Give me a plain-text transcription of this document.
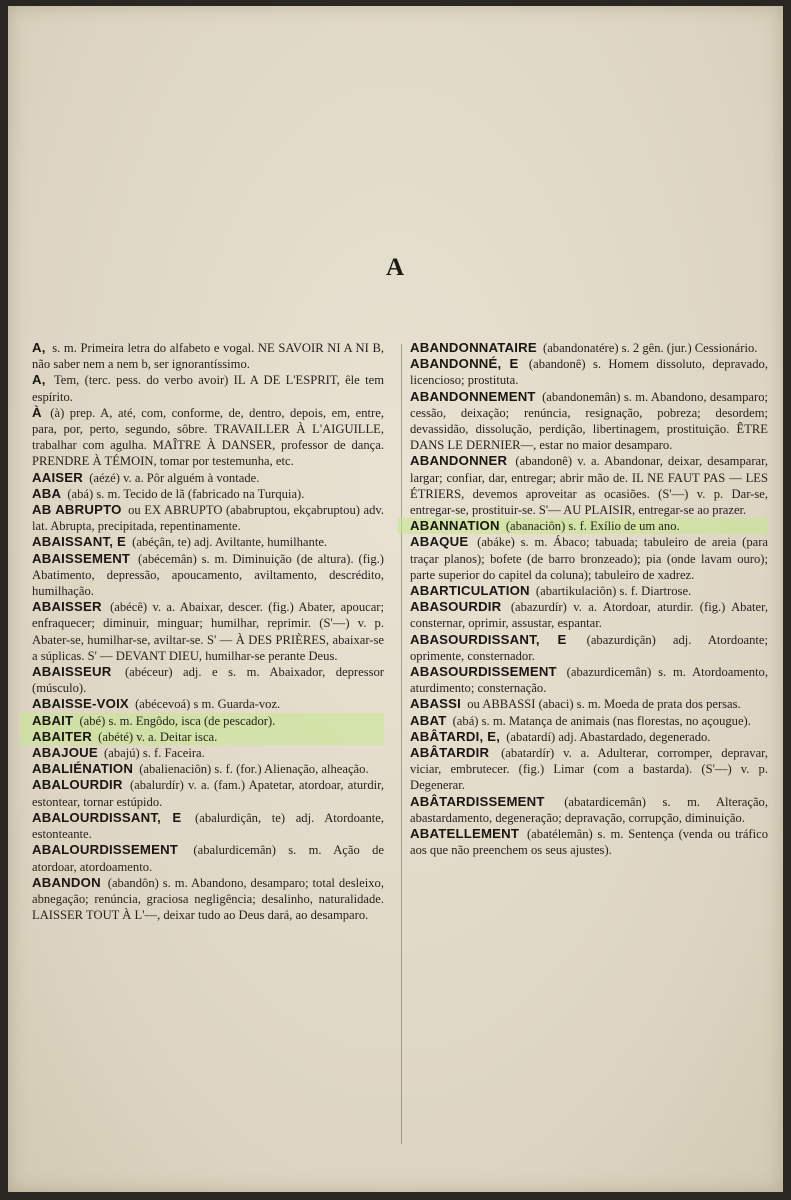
A
A, s. m. Primeira letra do alfabeto e vogal. NE SAVOIR NI A NI B, não saber nem a nem b, ser ignorantíssimo.
A, Tem, (terc. pess. do verbo avoir) IL A DE L'ESPRIT, êle tem espírito.
À (à) prep. A, até, com, conforme, de, dentro, depois, em, entre, para, por, perto, segundo, sôbre. TRAVAILLER À L'AIGUILLE, trabalhar com agulha. MAÎTRE À DANSER, professor de dança. PRENDRE À TÉMOIN, tomar por testemunha, etc.
AAISER (aézé) v. a. Pôr alguém à vontade.
ABA (abá) s. m. Tecido de lã (fabricado na Turquia).
AB ABRUPTO ou EX ABRUPTO (ababruptou, ekçabruptou) adv. lat. Abrupta, precipitada, repentinamente.
ABAISSANT, E (abéçân, te) adj. Aviltante, humilhante.
ABAISSEMENT (abécemân) s. m. Diminuição (de altura). (fig.) Abatimento, depressão, apoucamento, aviltamento, descrédito, humilhação.
ABAISSER (abécê) v. a. Abaixar, descer. (fig.) Abater, apoucar; enfraquecer; diminuir, minguar; humilhar, reprimir. (S'—) v. p. Abater-se, humilhar-se, aviltar-se. S' — À DES PRIÈRES, abaixar-se a súplicas. S' — DEVANT DIEU, humilhar-se perante Deus.
ABAISSEUR (abéceur) adj. e s. m. Abaixador, depressor (músculo).
ABAISSE-VOIX (abécevoá) s m. Guarda-voz.
ABAIT (abé) s. m. Engôdo, isca (de pescador).
ABAITER (abété) v. a. Deitar isca.
ABAJOUE (abajú) s. f. Faceira.
ABALIÉNATION (abalienaciôn) s. f. (for.) Alienação, alheação.
ABALOURDIR (abalurdír) v. a. (fam.) Apatetar, atordoar, aturdir, estontear, tornar estúpido.
ABALOURDISSANT, E (abalurdiçân, te) adj. Atordoante, estonteante.
ABALOURDISSEMENT (abalurdicemân) s. m. Ação de atordoar, atordoamento.
ABANDON (abandôn) s. m. Abandono, desamparo; total desleixo, abnegação; renúncia, graciosa negligência; desalinho, naturalidade. LAISSER TOUT À L'—, deixar tudo ao Deus dará, ao desamparo.
ABANDONNATAIRE (abandonatére) s. 2 gên. (jur.) Cessionário.
ABANDONNÉ, E (abandonê) s. Homem dissoluto, depravado, licencioso; prostituta.
ABANDONNEMENT (abandonemân) s. m. Abandono, desamparo; cessão, deixação; renúncia, resignação, pobreza; desordem; devassidão, dissolução, perdição, libertinagem, prostituição. ÊTRE DANS LE DERNIER—, estar no maior desamparo.
ABANDONNER (abandonê) v. a. Abandonar, deixar, desamparar, largar; confiar, dar, entregar; abrir mão de. IL NE FAUT PAS — LES ÉTRIERS, devemos aproveitar as ocasiões. (S'—) v. p. Dar-se, entregar-se, prostituir-se. S'— AU PLAISIR, entregar-se ao prazer.
ABANNATION (abanaciôn) s. f. Exílio de um ano.
ABAQUE (abáke) s. m. Ábaco; tabuada; tabuleiro de areia (para traçar planos); bofete (de barro bronzeado); pia (onde lavam ouro); parte superior do capitel da coluna); tabuleiro de xadrez.
ABARTICULATION (abartikulaciôn) s. f. Diartrose.
ABASOURDIR (abazurdír) v. a. Atordoar, aturdir. (fig.) Abater, consternar, oprimir, assustar, espantar.
ABASOURDISSANT, E (abazurdiçân) adj. Atordoante; oprimente, consternador.
ABASOURDISSEMENT (abazurdicemân) s. m. Atordoamento, aturdimento; consternação.
ABASSI ou ABBASSI (abaci) s. m. Moeda de prata dos persas.
ABAT (abá) s. m. Matança de animais (nas florestas, no açougue).
ABÂTARDI, E, (abatardí) adj. Abastardado, degenerado.
ABÂTARDIR (abatardír) v. a. Adulterar, corromper, depravar, viciar, embrutecer. (fig.) Limar (com a bastarda). (S'—) v. p. Degenerar.
ABÂTARDISSEMENT (abatardicemân) s. m. Alteração, abastardamento, degeneração; depravação, corrupção, diminuição.
ABATELLEMENT (abatélemân) s. m. Sentença (venda ou tráfico aos que não preenchem os seus ajustes).
